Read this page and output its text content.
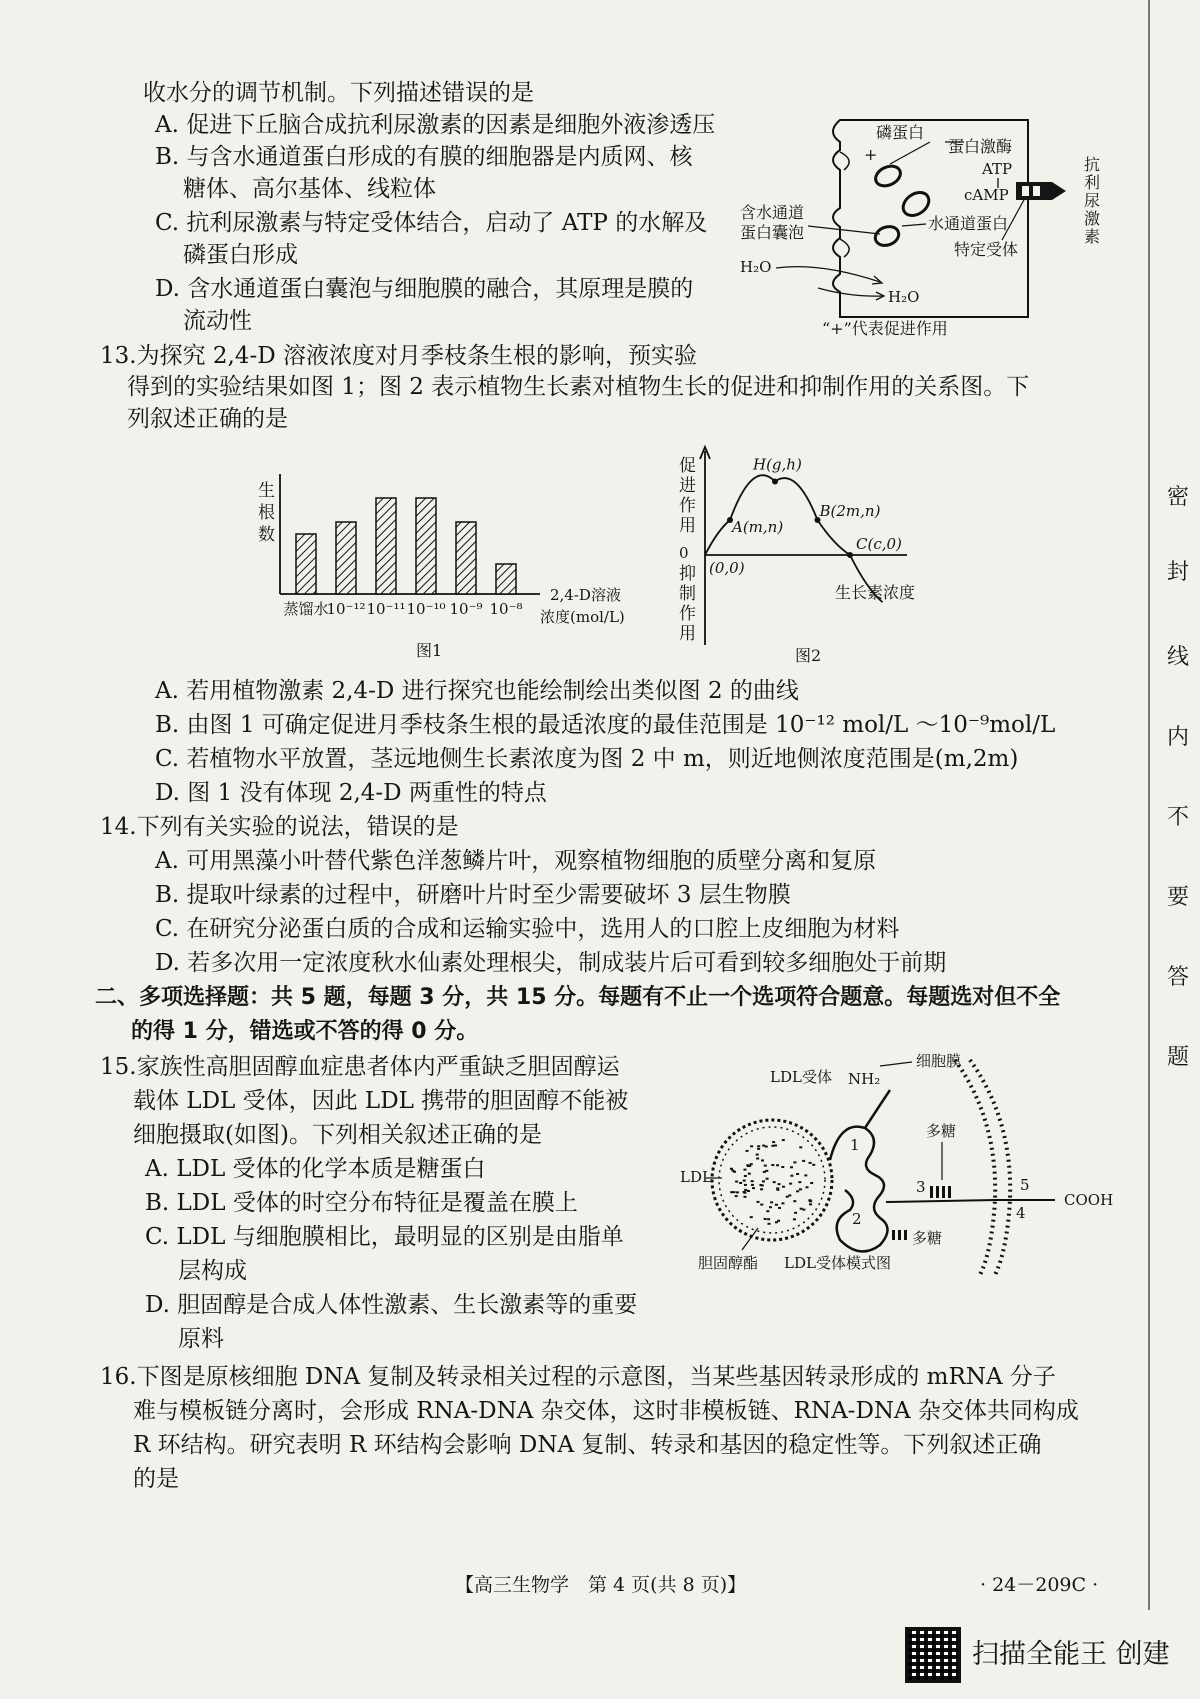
收水分的调节机制。下列描述错误的是
A. 促进下丘脑合成抗利尿激素的因素是细胞外液渗透压
B. 与含水通道蛋白形成的有膜的细胞器是内质网、核
糖体、高尔基体、线粒体
C. 抗利尿激素与特定受体结合，启动了 ATP 的水解及
磷蛋白形成
D. 含水通道蛋白囊泡与细胞膜的融合，其原理是膜的
流动性
+
磷蛋白
蛋白激酶
ATP
cAMP
抗
利
尿
激
素
含水通道
蛋白囊泡	水通道蛋白
特定受体
H₂O
H₂O
“+”代表促进作用
13.为探究 2,4-D 溶液浓度对月季枝条生根的影响，预实验
得到的实验结果如图 1；图 2 表示植物生长素对植物生长的促进和抑制作用的关系图。下
列叙述正确的是
生
根
数
蒸馏水
10⁻¹² 10⁻¹¹ 10⁻¹⁰ 10⁻⁹ 10⁻⁸
2,4-D溶液
浓度(mol/L)
图1
促
进
作
用
0
抑
制
作
用
(0,0)
A(m,n)
H(g,h)
B(2m,n)
C(c,0)
生长素浓度
图2
A. 若用植物激素 2,4-D 进行探究也能绘制绘出类似图 2 的曲线
B. 由图 1 可确定促进月季枝条生根的最适浓度的最佳范围是 10⁻¹² mol/L ～10⁻⁹mol/L
C. 若植物水平放置，茎远地侧生长素浓度为图 2 中 m，则近地侧浓度范围是(m,2m)
D. 图 1 没有体现 2,4-D 两重性的特点
14.下列有关实验的说法，错误的是
A. 可用黑藻小叶替代紫色洋葱鳞片叶，观察植物细胞的质壁分离和复原
B. 提取叶绿素的过程中，研磨叶片时至少需要破坏 3 层生物膜
C. 在研究分泌蛋白质的合成和运输实验中，选用人的口腔上皮细胞为材料
D. 若多次用一定浓度秋水仙素处理根尖，制成装片后可看到较多细胞处于前期
二、多项选择题：共 5 题，每题 3 分，共 15 分。每题有不止一个选项符合题意。每题选对但不全
的得 1 分，错选或不答的得 0 分。
15.家族性高胆固醇血症患者体内严重缺乏胆固醇运
载体 LDL 受体，因此 LDL 携带的胆固醇不能被
细胞摄取(如图)。下列相关叙述正确的是
A. LDL 受体的化学本质是糖蛋白
B. LDL 受体的时空分布特征是覆盖在膜上
C. LDL 与细胞膜相比，最明显的区别是由脂单
层构成
D. 胆固醇是合成人体性激素、生长激素等的重要
原料
多糖
多糖
细胞膜
LDL受体 NH₂
COOH
LDL
胆固醇酯 LDL受体模式图
1
2
3
4
5
16.下图是原核细胞 DNA 复制及转录相关过程的示意图，当某些基因转录形成的 mRNA 分子
难与模板链分离时，会形成 RNA-DNA 杂交体，这时非模板链、RNA-DNA 杂交体共同构成
R 环结构。研究表明 R 环结构会影响 DNA 复制、转录和基因的稳定性等。下列叙述正确
的是
【高三生物学　第 4 页(共 8 页)】	· 24－209C ·
密
封
线
内
不
要
答
题
扫描全能王 创建
